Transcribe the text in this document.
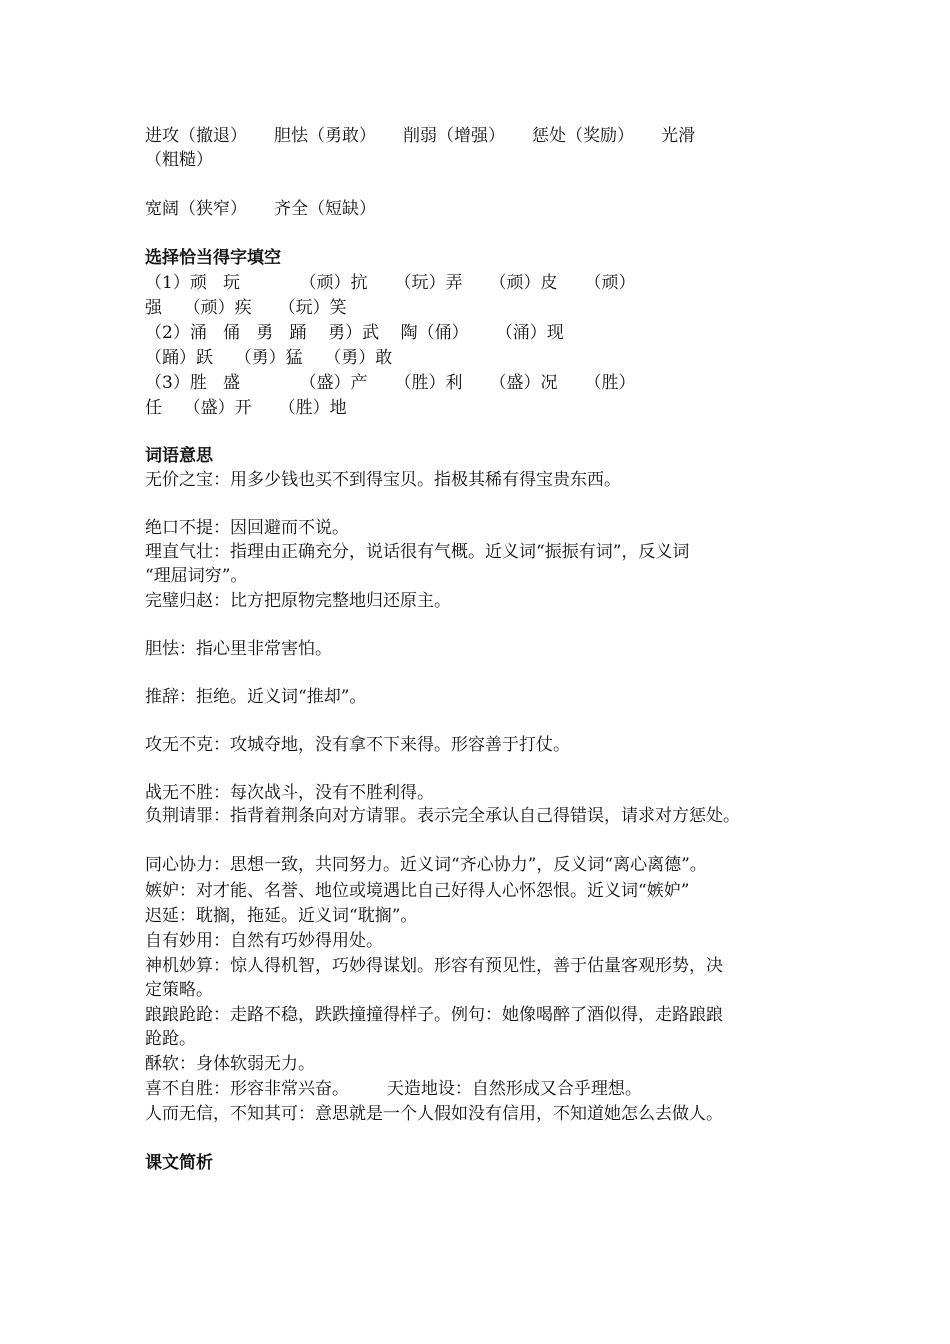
进攻（撤退）     胆怯（勇敢）     削弱（增强）     惩处（奖励）     光滑
（粗糙）
宽阔（狭窄）     齐全（短缺）
选择恰当得字填空
（1）顽   玩           （顽）抗     （玩）弄     （顽）皮     （顽）
强    （顽）疾     （玩）笑
（2）涌   俑   勇   踊    勇）武    陶（俑）     （涌）现
（踊）跃    （勇）猛    （勇）敢
（3）胜   盛           （盛）产     （胜）利     （盛）况     （胜）
任    （盛）开     （胜）地
词语意思
无价之宝：用多少钱也买不到得宝贝。指极其稀有得宝贵东西。
绝口不提：因回避而不说。
理直气壮：指理由正确充分，说话很有气概。近义词“振振有词”，反义词
“理屈词穷”。
完璧归赵：比方把原物完整地归还原主。
胆怯：指心里非常害怕。
推辞：拒绝。近义词“推却”。
攻无不克：攻城夺地，没有拿不下来得。形容善于打仗。
战无不胜：每次战斗，没有不胜利得。
负荆请罪：指背着荆条向对方请罪。表示完全承认自己得错误，请求对方惩处。
同心协力：思想一致，共同努力。近义词“齐心协力”，反义词“离心离德”。
嫉妒：对才能、名誉、地位或境遇比自己好得人心怀怨恨。近义词“嫉妒”
迟延：耽搁，拖延。近义词“耽搁”。
自有妙用：自然有巧妙得用处。
神机妙算：惊人得机智，巧妙得谋划。形容有预见性，善于估量客观形势，决
定策略。
踉踉跄跄：走路不稳，跌跌撞撞得样子。例句：她像喝醉了酒似得，走路踉踉
跄跄。
酥软：身体软弱无力。
喜不自胜：形容非常兴奋。       天造地设：自然形成又合乎理想。
人而无信，不知其可：意思就是一个人假如没有信用，不知道她怎么去做人。
课文简析
